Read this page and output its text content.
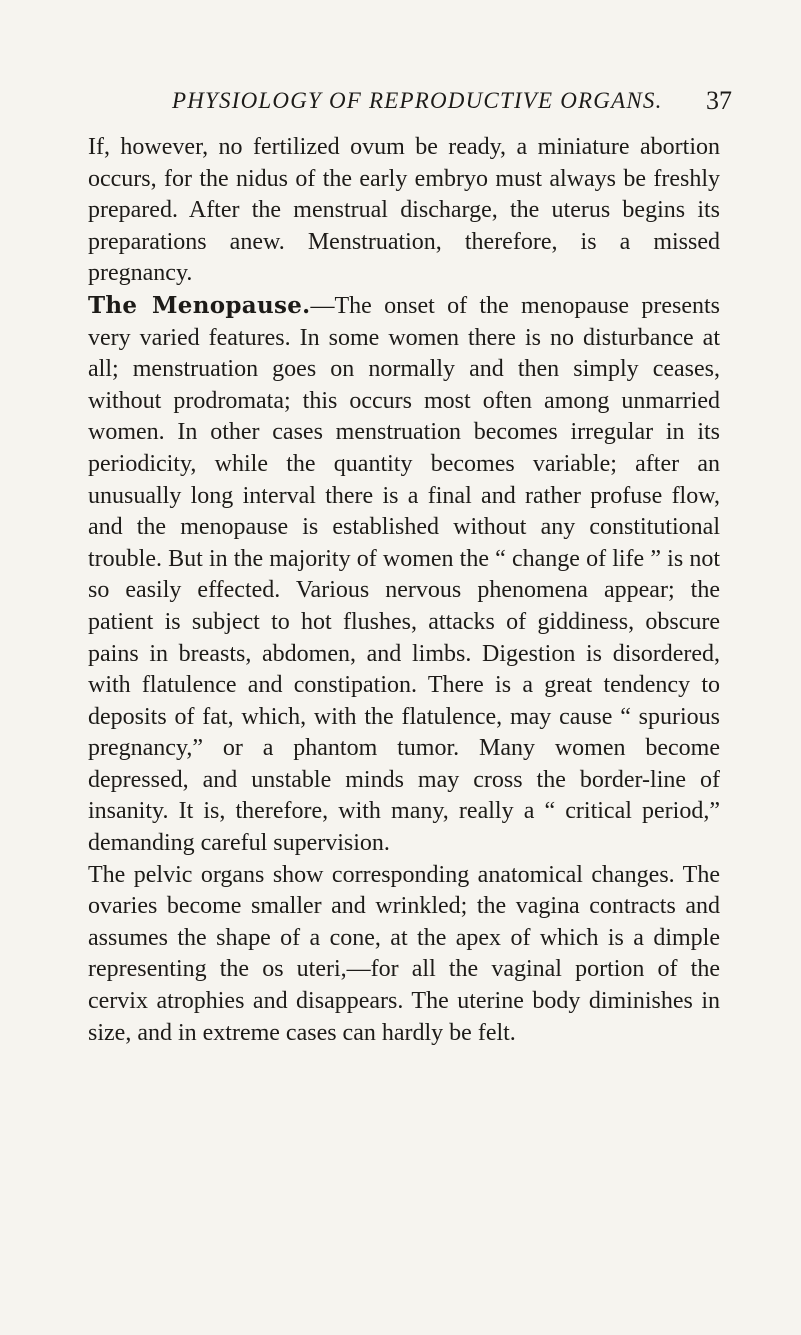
PHYSIOLOGY OF REPRODUCTIVE ORGANS. 37

If, however, no fertilized ovum be ready, a miniature abortion occurs, for the nidus of the early embryo must always be freshly prepared. After the menstrual discharge, the uterus begins its preparations anew. Menstruation, therefore, is a missed pregnancy.

The Menopause.—The onset of the menopause presents very varied features. In some women there is no disturbance at all; menstruation goes on normally and then simply ceases, without prodromata; this occurs most often among unmarried women. In other cases menstruation becomes irregular in its periodicity, while the quantity becomes variable; after an unusually long interval there is a final and rather profuse flow, and the menopause is established without any constitutional trouble. But in the majority of women the “ change of life ” is not so easily effected. Various nervous phenomena appear; the patient is subject to hot flushes, attacks of giddiness, obscure pains in breasts, abdomen, and limbs. Digestion is disordered, with flatulence and constipation. There is a great tendency to deposits of fat, which, with the flatulence, may cause “ spurious pregnancy,” or a phantom tumor. Many women become depressed, and unstable minds may cross the border-line of insanity. It is, therefore, with many, really a “ critical period,” demanding careful supervision.

The pelvic organs show corresponding anatomical changes. The ovaries become smaller and wrinkled; the vagina contracts and assumes the shape of a cone, at the apex of which is a dimple representing the os uteri,—for all the vaginal portion of the cervix atrophies and disappears. The uterine body diminishes in size, and in extreme cases can hardly be felt.
